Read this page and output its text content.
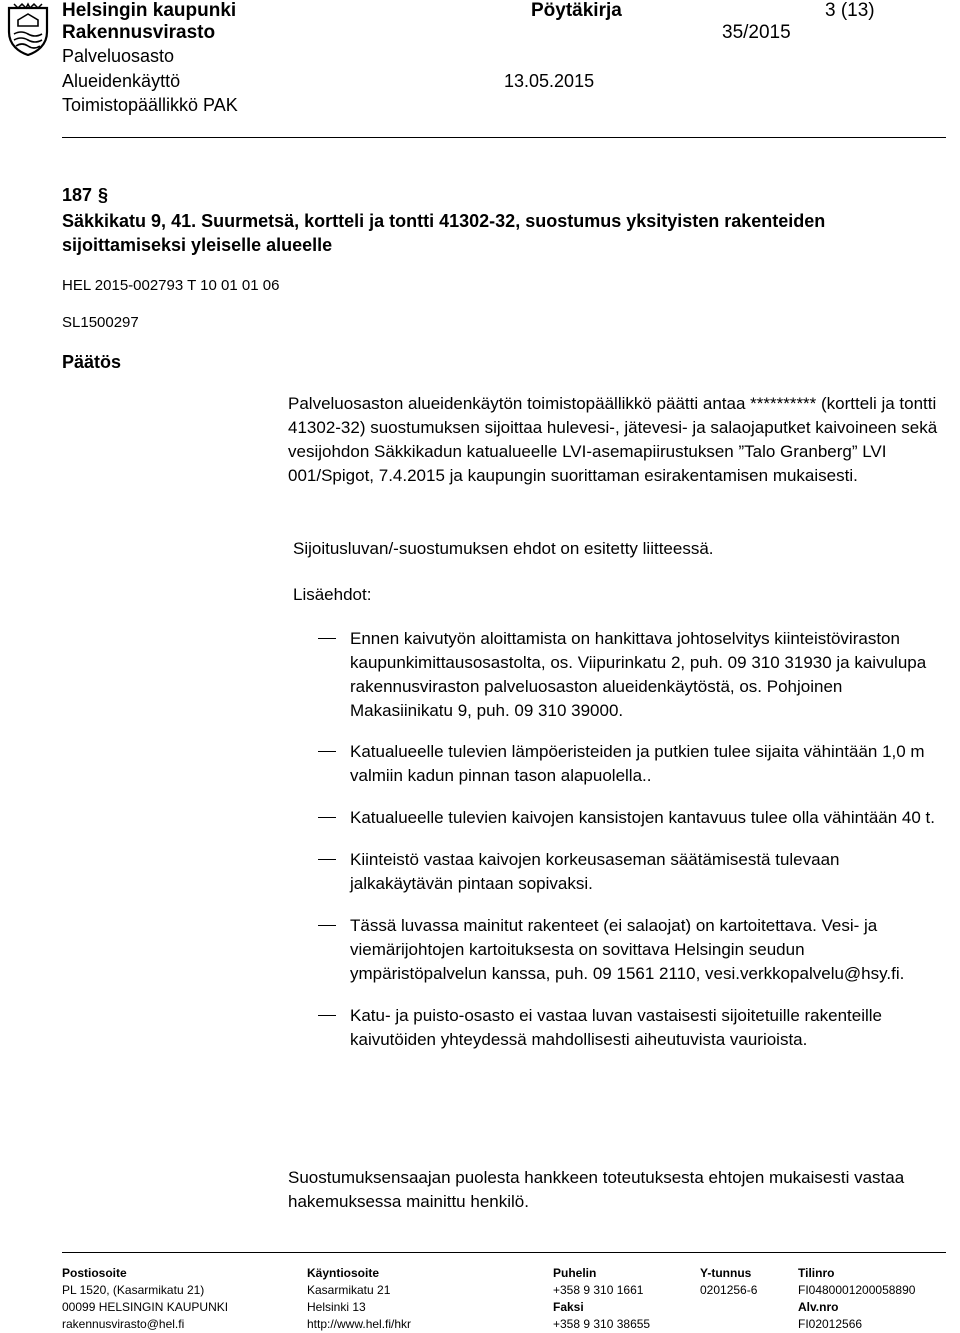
Helsingin kaupunki	Pöytäkirja	3 (13)
Rakennusvirasto	35/2015
Palveluosasto
Alueidenkäyttö	13.05.2015
Toimistopäällikkö PAK
187 §
Säkkikatu 9, 41. Suurmetsä, kortteli ja tontti 41302-32, suostumus yksityisten rakenteiden sijoittamiseksi yleiselle alueelle
HEL 2015-002793 T 10 01 01 06
SL1500297
Päätös
Palveluosaston alueidenkäytön toimistopäällikkö päätti antaa ********** (kortteli ja tontti 41302-32) suostumuksen sijoittaa hulevesi-, jätevesi- ja salaojaputket kaivoineen sekä vesijohdon Säkkikadun katualueelle LVI-asemapiirustuksen ”Talo Granberg” LVI 001/Spigot, 7.4.2015 ja kaupungin suorittaman esirakentamisen mukaisesti.
Sijoitusluvan/-suostumuksen ehdot on esitetty liitteessä.
Lisäehdot:
Ennen kaivutyön aloittamista on hankittava johtoselvitys kiinteistöviraston kaupunkimittausosastolta, os. Viipurinkatu 2, puh. 09 310 31930 ja kaivulupa rakennusviraston palveluosaston alueidenkäytöstä, os. Pohjoinen Makasiinikatu 9, puh. 09 310 39000.
Katualueelle tulevien lämpöeristeiden ja putkien tulee sijaita vähintään 1,0 m valmiin kadun pinnan tason alapuolella..
Katualueelle tulevien kaivojen kansistojen kantavuus tulee olla vähintään 40 t.
Kiinteistö vastaa kaivojen korkeusaseman säätämisestä tulevaan jalkakäytävän pintaan sopivaksi.
Tässä luvassa mainitut rakenteet (ei salaojat) on kartoitettava. Vesi- ja viemärijohtojen kartoituksesta on sovittava Helsingin seudun ympäristöpalvelun kanssa, puh. 09 1561 2110, vesi.verkkopalvelu@hsy.fi.
Katu- ja puisto-osasto ei vastaa luvan vastaisesti sijoitetuille rakenteille kaivutöiden yhteydessä mahdollisesti aiheutuvista vaurioista.
Suostumuksensaajan puolesta hankkeen toteutuksesta ehtojen mukaisesti vastaa hakemuksessa mainittu henkilö.
Postiosoite
PL 1520, (Kasarmikatu 21)
00099 HELSINGIN KAUPUNKI
rakennusvirasto@hel.fi
Käyntiosoite
Kasarmikatu 21
Helsinki 13
http://www.hel.fi/hkr
Puhelin
+358 9 310 1661
Faksi
+358 9 310 38655
Y-tunnus
0201256-6
Tilinro
FI0480001200058890
Alv.nro
FI02012566
